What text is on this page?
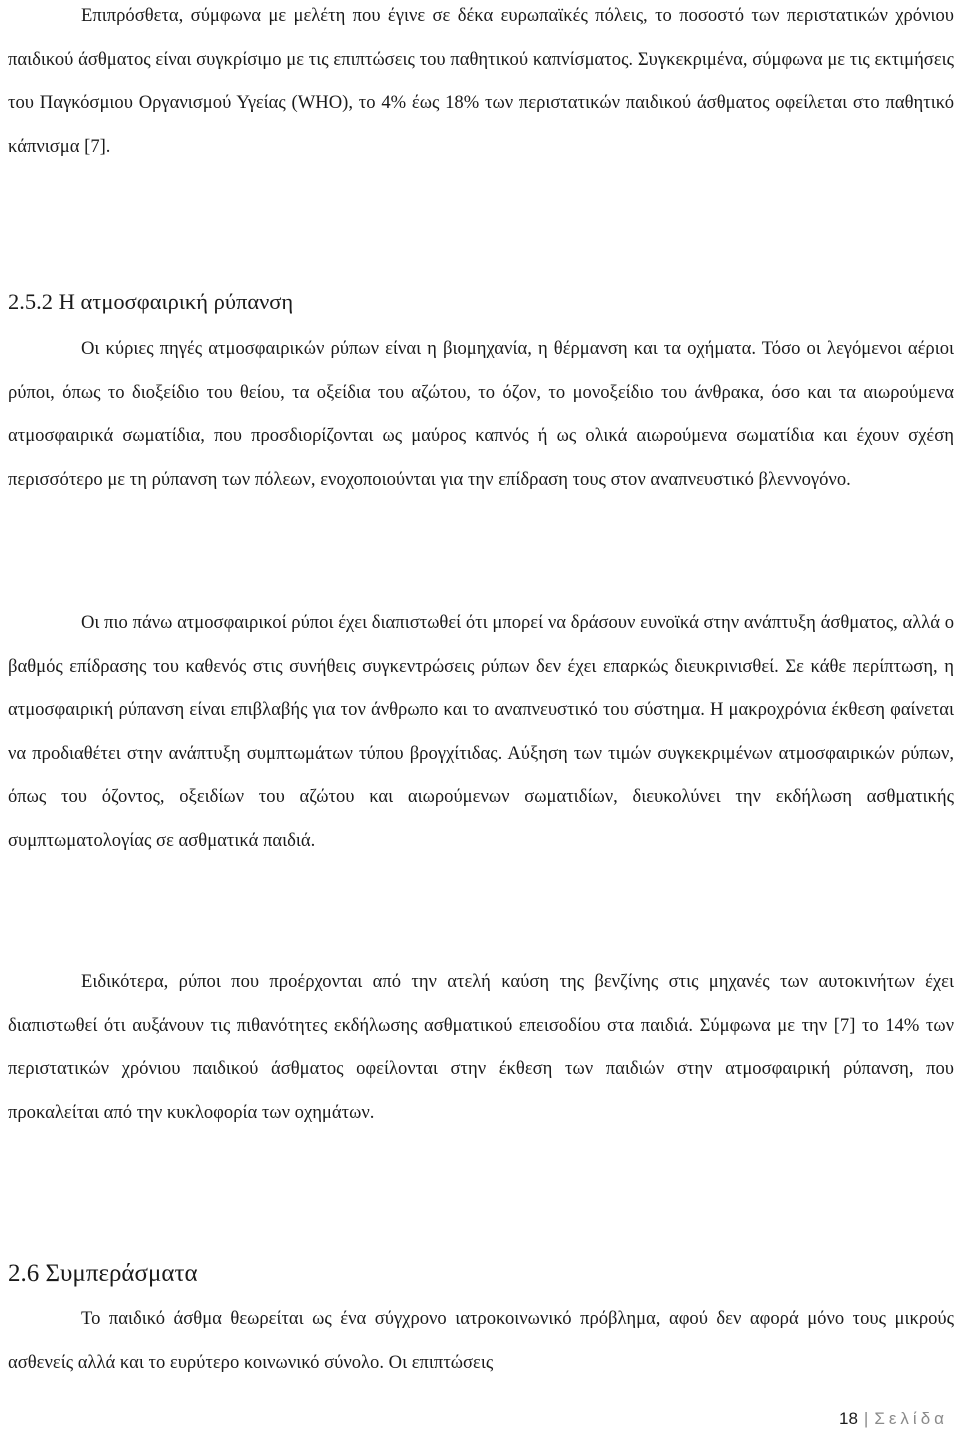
Επιπρόσθετα, σύμφωνα με μελέτη που έγινε σε δέκα ευρωπαϊκές πόλεις, το ποσοστό των περιστατικών χρόνιου παιδικού άσθματος είναι συγκρίσιμο με τις επιπτώσεις του παθητικού καπνίσματος. Συγκεκριμένα, σύμφωνα με τις εκτιμήσεις του Παγκόσμιου Οργανισμού Υγείας (WHO), το 4% έως 18% των περιστατικών παιδικού άσθματος οφείλεται στο παθητικό κάπνισμα [7].

2.5.2 Η ατμοσφαιρική ρύπανση

Οι κύριες πηγές ατμοσφαιρικών ρύπων είναι η βιομηχανία, η θέρμανση και τα οχήματα. Τόσο οι λεγόμενοι αέριοι ρύποι, όπως το διοξείδιο του θείου, τα οξείδια του αζώτου, το όζον, το μονοξείδιο του άνθρακα, όσο και τα αιωρούμενα ατμοσφαιρικά σωματίδια, που προσδιορίζονται ως μαύρος καπνός ή ως ολικά αιωρούμενα σωματίδια και έχουν σχέση περισσότερο με τη ρύπανση των πόλεων, ενοχοποιούνται για την επίδραση τους στον αναπνευστικό βλεννογόνο.

Οι πιο πάνω ατμοσφαιρικοί ρύποι έχει διαπιστωθεί ότι μπορεί να δράσουν ευνοϊκά στην ανάπτυξη άσθματος, αλλά ο βαθμός επίδρασης του καθενός στις συνήθεις συγκεντρώσεις ρύπων δεν έχει επαρκώς διευκρινισθεί. Σε κάθε περίπτωση, η ατμοσφαιρική ρύπανση είναι επιβλαβής για τον άνθρωπο και το αναπνευστικό του σύστημα. Η μακροχρόνια έκθεση φαίνεται να προδιαθέτει στην ανάπτυξη συμπτωμάτων τύπου βρογχίτιδας. Αύξηση των τιμών συγκεκριμένων ατμοσφαιρικών ρύπων, όπως του όζοντος, οξειδίων του αζώτου και αιωρούμενων σωματιδίων, διευκολύνει την εκδήλωση ασθματικής συμπτωματολογίας σε ασθματικά παιδιά.

Ειδικότερα, ρύποι που προέρχονται από την ατελή καύση της βενζίνης στις μηχανές των αυτοκινήτων έχει διαπιστωθεί ότι αυξάνουν τις πιθανότητες εκδήλωσης ασθματικού επεισοδίου στα παιδιά. Σύμφωνα με την [7] το 14% των περιστατικών χρόνιου παιδικού άσθματος οφείλονται στην έκθεση των παιδιών στην ατμοσφαιρική ρύπανση, που προκαλείται από την κυκλοφορία των οχημάτων.

2.6 Συμπεράσματα

Το παιδικό άσθμα θεωρείται ως ένα σύγχρονο ιατροκοινωνικό πρόβλημα, αφού δεν αφορά μόνο τους μικρούς ασθενείς αλλά και το ευρύτερο κοινωνικό σύνολο. Οι επιπτώσεις

18 | Σελίδα
